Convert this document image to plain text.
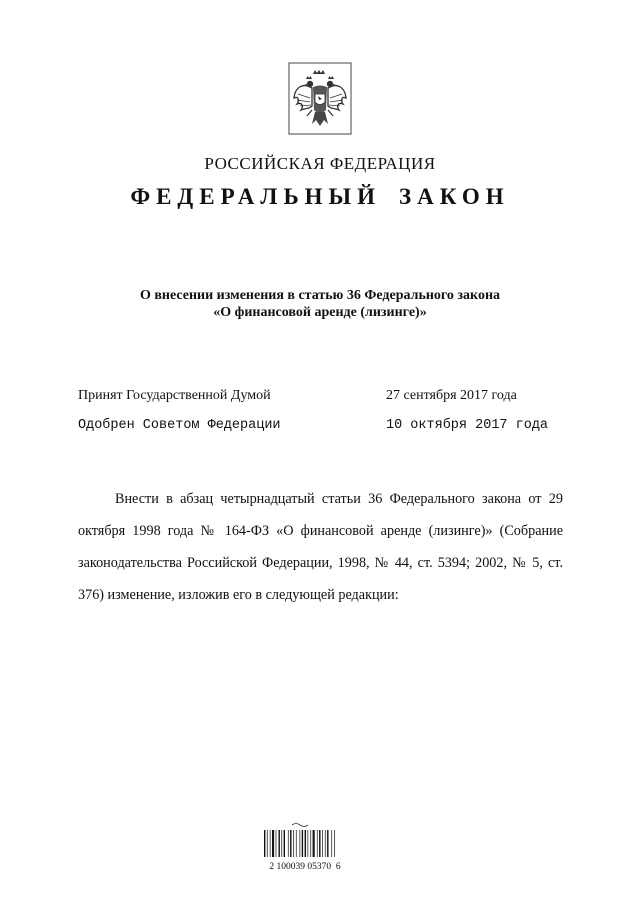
РОССИЙСКАЯ ФЕДЕРАЦИЯ
ФЕДЕРАЛЬНЫЙ ЗАКОН
О внесении изменения в статью 36 Федерального закона
«О финансовой аренде (лизинге)»
Принят Государственной Думой	27 сентября 2017 года
Одобрен Советом Федерации	10 октября 2017 года

Внести в абзац четырнадцатый статьи 36 Федерального закона от 29 октября 1998 года № 164-ФЗ «О финансовой аренде (лизинге)» (Собрание законодательства Российской Федерации, 1998, № 44, ст. 5394; 2002, № 5, ст. 376) изменение, изложив его в следующей редакции:

2 100039 05370  6
